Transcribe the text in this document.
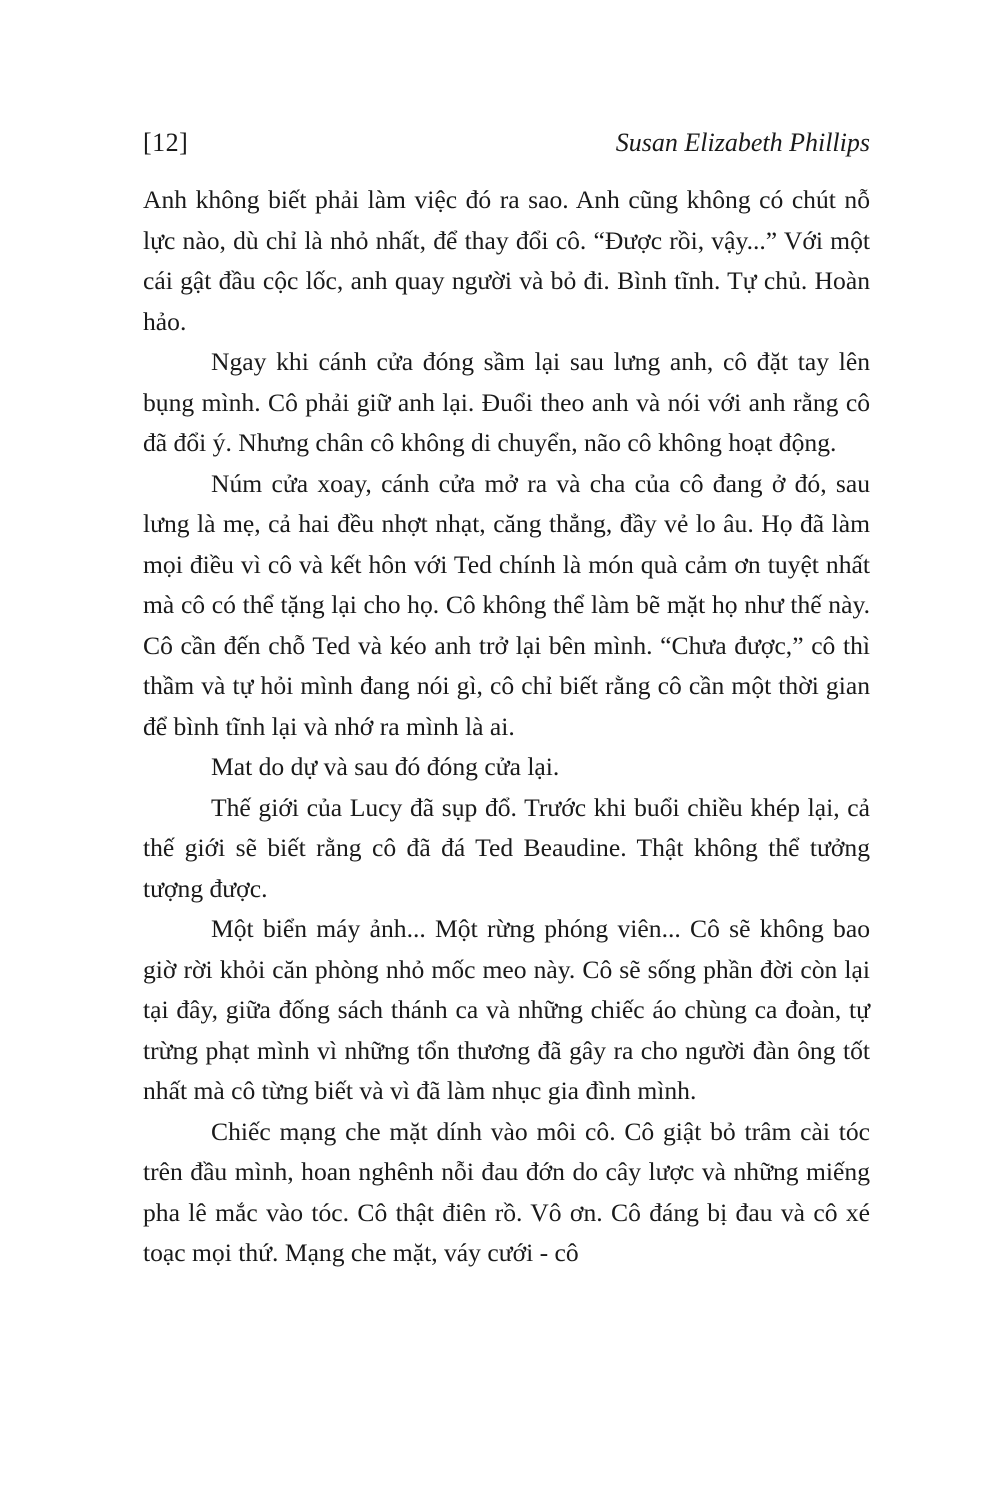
[12]	Susan Elizabeth Phillips

Anh không biết phải làm việc đó ra sao. Anh cũng không có chút nỗ lực nào, dù chỉ là nhỏ nhất, để thay đổi cô. “Được rồi, vậy...” Với một cái gật đầu cộc lốc, anh quay người và bỏ đi. Bình tĩnh. Tự chủ. Hoàn hảo.

Ngay khi cánh cửa đóng sầm lại sau lưng anh, cô đặt tay lên bụng mình. Cô phải giữ anh lại. Đuổi theo anh và nói với anh rằng cô đã đổi ý. Nhưng chân cô không di chuyển, não cô không hoạt động.

Núm cửa xoay, cánh cửa mở ra và cha của cô đang ở đó, sau lưng là mẹ, cả hai đều nhợt nhạt, căng thẳng, đầy vẻ lo âu. Họ đã làm mọi điều vì cô và kết hôn với Ted chính là món quà cảm ơn tuyệt nhất mà cô có thể tặng lại cho họ. Cô không thể làm bẽ mặt họ như thế này. Cô cần đến chỗ Ted và kéo anh trở lại bên mình. “Chưa được,” cô thì thầm và tự hỏi mình đang nói gì, cô chỉ biết rằng cô cần một thời gian để bình tĩnh lại và nhớ ra mình là ai.

Mat do dự và sau đó đóng cửa lại.

Thế giới của Lucy đã sụp đổ. Trước khi buổi chiều khép lại, cả thế giới sẽ biết rằng cô đã đá Ted Beaudine. Thật không thể tưởng tượng được.

Một biển máy ảnh... Một rừng phóng viên... Cô sẽ không bao giờ rời khỏi căn phòng nhỏ mốc meo này. Cô sẽ sống phần đời còn lại tại đây, giữa đống sách thánh ca và những chiếc áo chùng ca đoàn, tự trừng phạt mình vì những tổn thương đã gây ra cho người đàn ông tốt nhất mà cô từng biết và vì đã làm nhục gia đình mình.

Chiếc mạng che mặt dính vào môi cô. Cô giật bỏ trâm cài tóc trên đầu mình, hoan nghênh nỗi đau đớn do cây lược và những miếng pha lê mắc vào tóc. Cô thật điên rồ. Vô ơn. Cô đáng bị đau và cô xé toạc mọi thứ. Mạng che mặt, váy cưới - cô
